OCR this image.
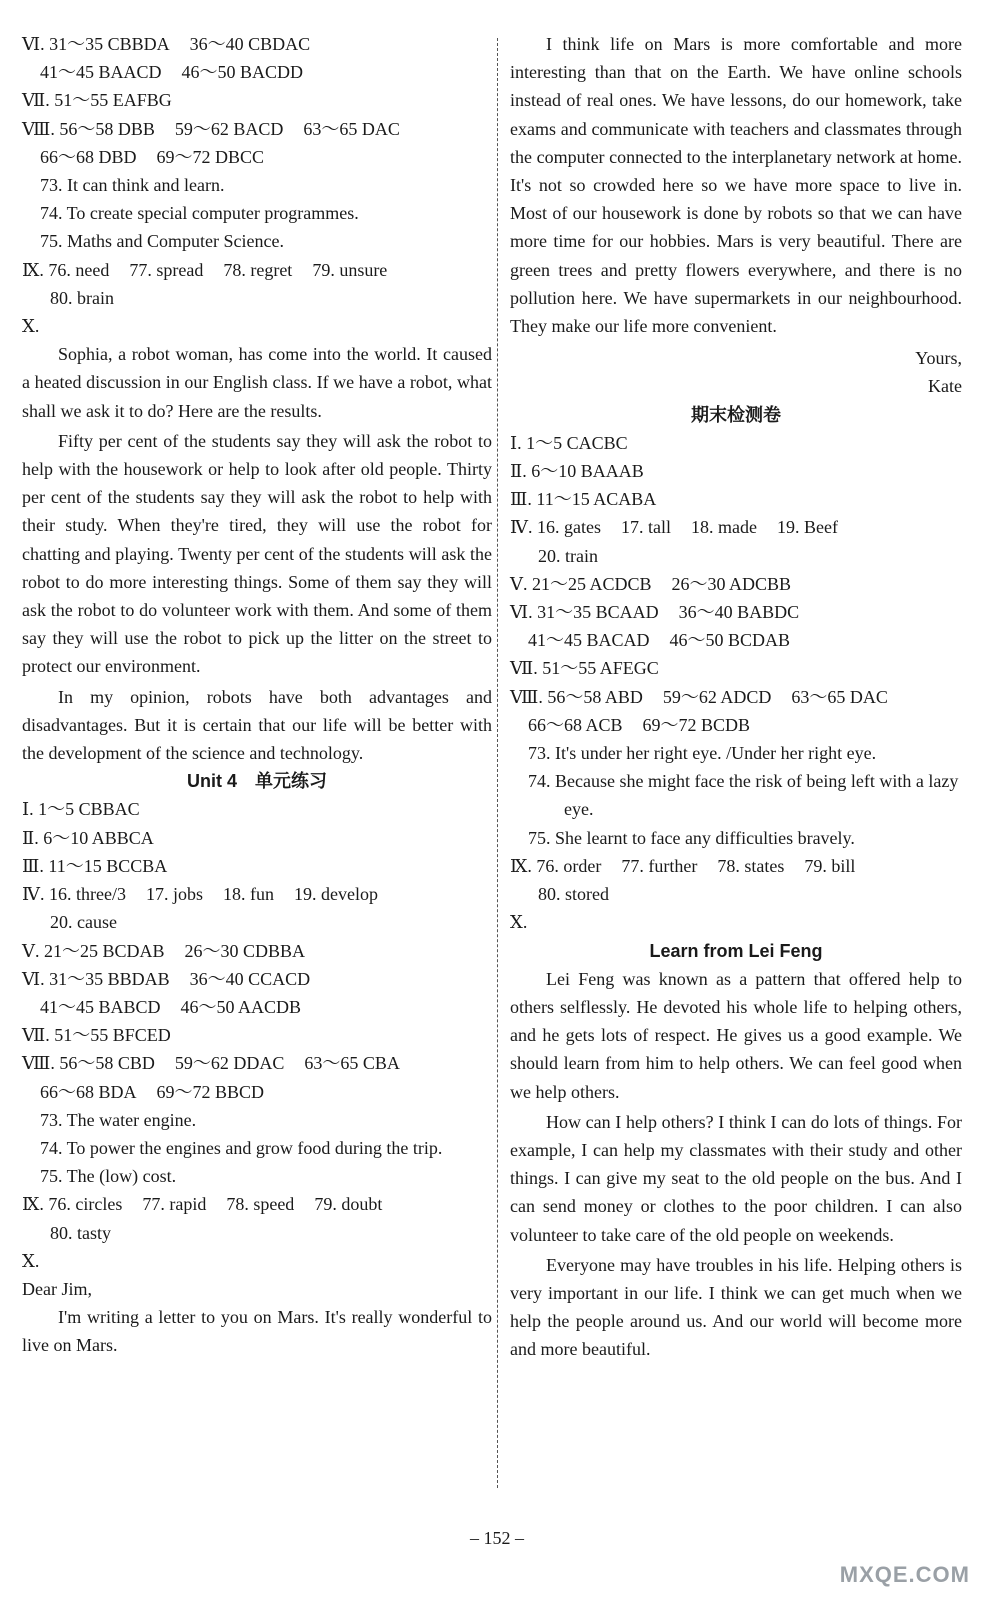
Ⅵ. 31～35 CBBDA 36～40 CBDAC
41～45 BAACD 46～50 BACDD
Ⅶ. 51～55 EAFBG
Ⅷ. 56～58 DBB 59～62 BACD 63～65 DAC
66～68 DBD 69～72 DBCC
73. It can think and learn.
74. To create special computer programmes.
75. Maths and Computer Science.
Ⅸ. 76. need 77. spread 78. regret 79. unsure
80. brain
Ⅹ.

Sophia, a robot woman, has come into the world. It caused a heated discussion in our English class. If we have a robot, what shall we ask it to do? Here are the results.

Fifty per cent of the students say they will ask the robot to help with the housework or help to look after old people. Thirty per cent of the students say they will ask the robot to help with their study. When they're tired, they will use the robot for chatting and playing. Twenty per cent of the students will ask the robot to do more interesting things. Some of them say they will ask the robot to do volunteer work with them. And some of them say they will use the robot to pick up the litter on the street to protect our environment.

In my opinion, robots have both advantages and disadvantages. But it is certain that our life will be better with the development of the science and technology.

Unit 4　单元练习
Ⅰ. 1～5 CBBAC
Ⅱ. 6～10 ABBCA
Ⅲ. 11～15 BCCBA
Ⅳ. 16. three/3 17. jobs 18. fun 19. develop
20. cause
Ⅴ. 21～25 BCDAB 26～30 CDBBA
Ⅵ. 31～35 BBDAB 36～40 CCACD
41～45 BABCD 46～50 AACDB
Ⅶ. 51～55 BFCED
Ⅷ. 56～58 CBD 59～62 DDAC 63～65 CBA
66～68 BDA 69～72 BBCD
73. The water engine.
74. To power the engines and grow food during the trip.
75. The (low) cost.
Ⅸ. 76. circles 77. rapid 78. speed 79. doubt
80. tasty
Ⅹ.
Dear Jim,

I'm writing a letter to you on Mars. It's really wonderful to live on Mars.

I think life on Mars is more comfortable and more interesting than that on the Earth. We have online schools instead of real ones. We have lessons, do our homework, take exams and communicate with teachers and classmates through the computer connected to the interplanetary network at home. It's not so crowded here so we have more space to live in. Most of our housework is done by robots so that we can have more time for our hobbies. Mars is very beautiful. There are green trees and pretty flowers everywhere, and there is no pollution here. We have supermarkets in our neighbourhood. They make our life more convenient.

Yours,
Kate
期末检测卷
Ⅰ. 1～5 CACBC
Ⅱ. 6～10 BAAAB
Ⅲ. 11～15 ACABA
Ⅳ. 16. gates 17. tall 18. made 19. Beef
20. train
Ⅴ. 21～25 ACDCB 26～30 ADCBB
Ⅵ. 31～35 BCAAD 36～40 BABDC
41～45 BACAD 46～50 BCDAB
Ⅶ. 51～55 AFEGC
Ⅷ. 56～58 ABD 59～62 ADCD 63～65 DAC
66～68 ACB 69～72 BCDB
73. It's under her right eye. /Under her right eye.
74. Because she might face the risk of being left with a lazy eye.
75. She learnt to face any difficulties bravely.
Ⅸ. 76. order 77. further 78. states 79. bill
80. stored
Ⅹ.
Learn from Lei Feng

Lei Feng was known as a pattern that offered help to others selflessly. He devoted his whole life to helping others, and he gets lots of respect. He gives us a good example. We should learn from him to help others. We can feel good when we help others.

How can I help others? I think I can do lots of things. For example, I can help my classmates with their study and other things. I can give my seat to the old people on the bus. And I can send money or clothes to the poor children. I can also volunteer to take care of the old people on weekends.

Everyone may have troubles in his life. Helping others is very important in our life. I think we can get much when we help the people around us. And our world will become more and more beautiful.

– 152 –
MXQE.COM
